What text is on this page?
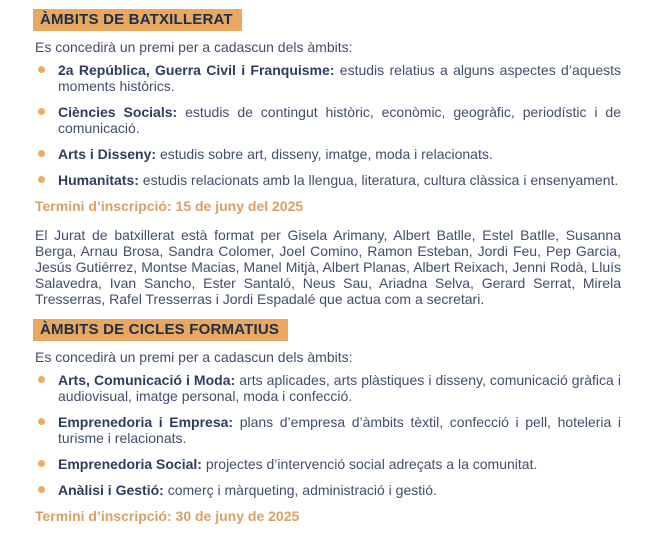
ÀMBITS DE BATXILLERAT

Es concedirà un premi per a cadascun dels àmbits:

2a República, Guerra Civil i Franquisme: estudis relatius a alguns aspectes d’aquests moments històrics.
Ciències Socials: estudis de contingut històric, econòmic, geogràfic, periodístic i de comunicació.
Arts i Disseny: estudis sobre art, disseny, imatge, moda i relacionats.
Humanitats: estudis relacionats amb la llengua, literatura, cultura clàssica i ensenyament.

Termini d’inscripció: 15 de juny del 2025

El Jurat de batxillerat està format per Gisela Arimany, Albert Batlle, Estel Batlle, Susanna Berga, Arnau Brosa, Sandra Colomer, Joel Comino, Ramon Esteban, Jordi Feu, Pep Garcia, Jesús Gutiérrez, Montse Macias, Manel Mitjà, Albert Planas, Albert Reixach, Jenni Rodà, Lluís Salavedra, Ivan Sancho, Ester Santaló, Neus Sau, Ariadna Selva, Gerard Serrat, Mirela Tresserras, Rafel Tresserras i Jordi Espadalé que actua com a secretari.

ÀMBITS DE CICLES FORMATIUS

Es concedirà un premi per a cadascun dels àmbits:

Arts, Comunicació i Moda: arts aplicades, arts plàstiques i disseny, comunicació gràfica i audiovisual, imatge personal, moda i confecció.
Emprenedoria i Empresa: plans d’empresa d’àmbits tèxtil, confecció i pell, hoteleria i turisme i relacionats.
Emprenedoria Social: projectes d’intervenció social adreçats a la comunitat.
Anàlisi i Gestió: comerç i màrqueting, administració i gestió.

Termini d’inscripció: 30 de juny de 2025
